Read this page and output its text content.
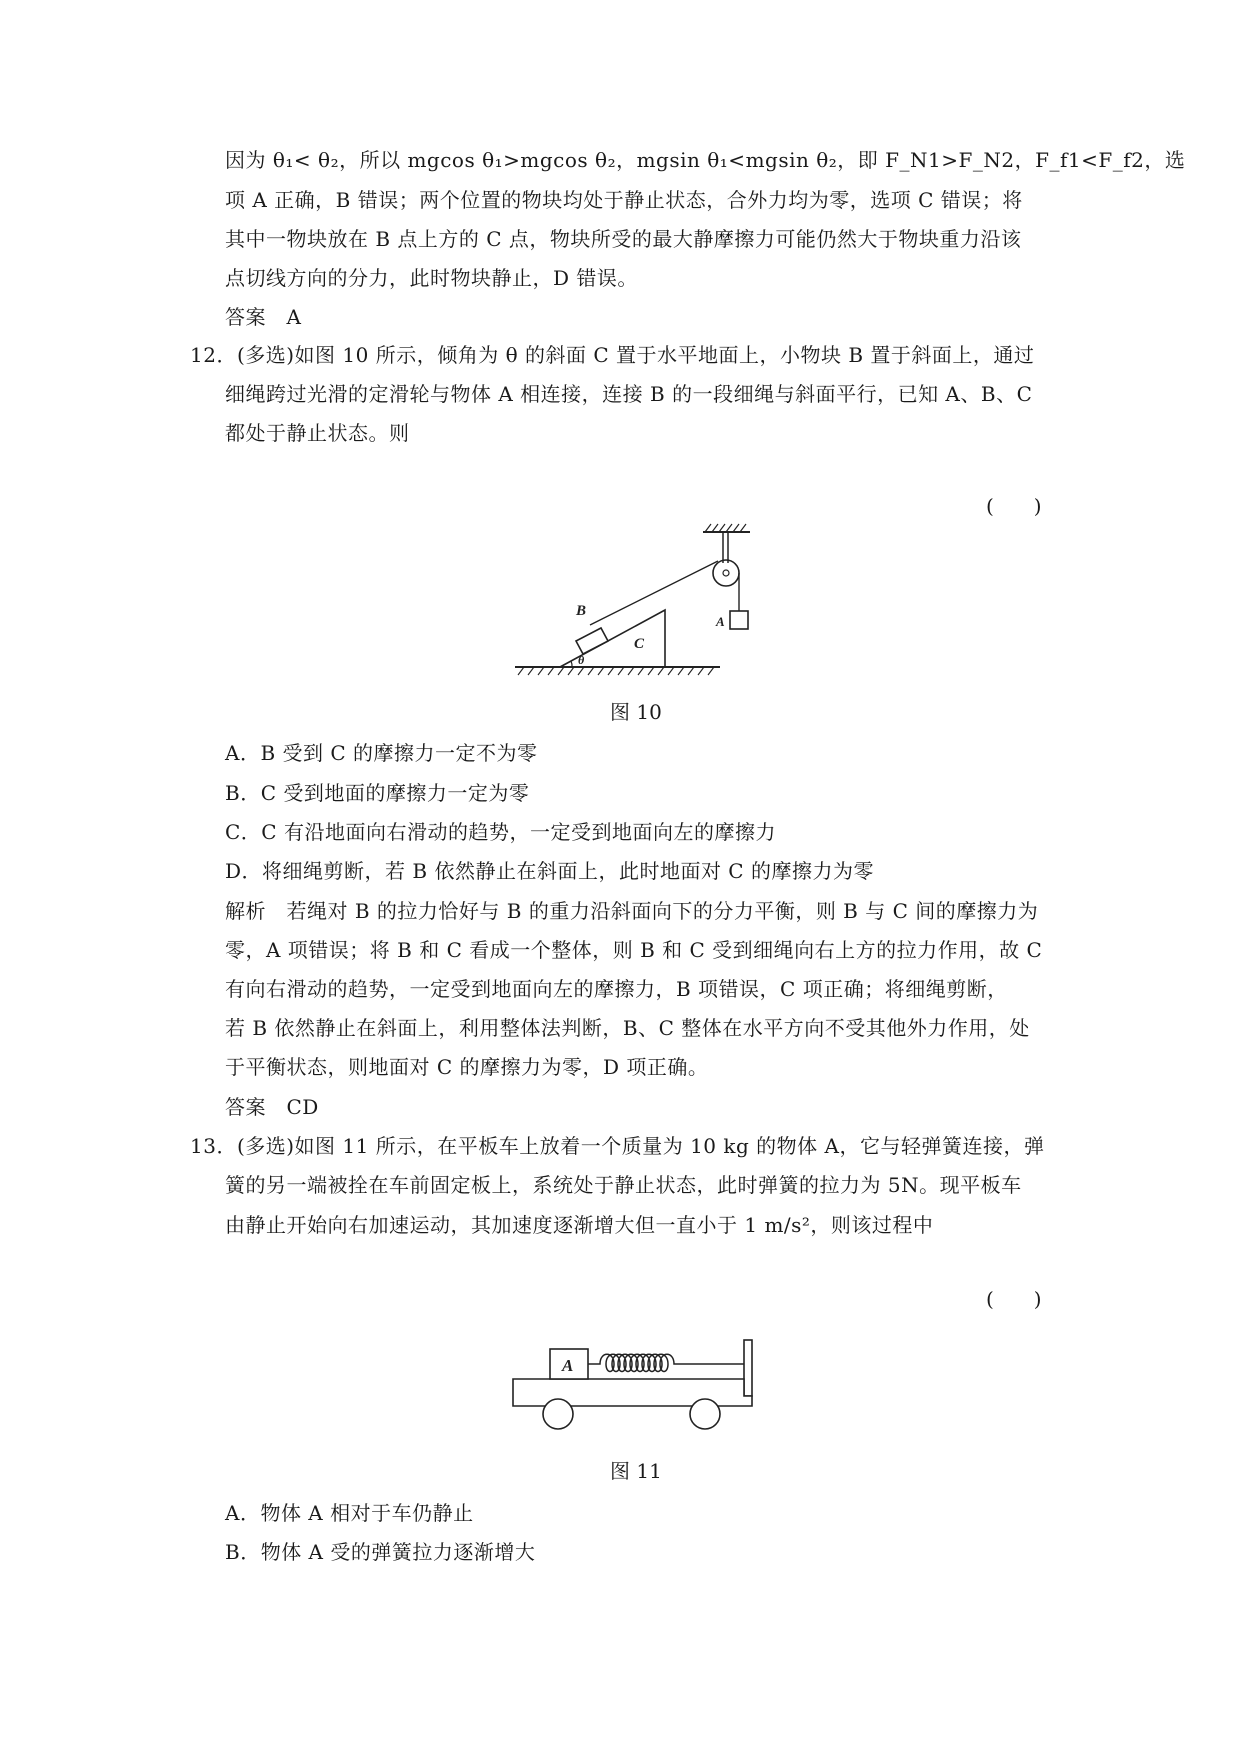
因为 θ₁< θ₂，所以 mgcos θ₁>mgcos θ₂，mgsin θ₁<mgsin θ₂，即 F_N1>F_N2，F_f1<F_f2，选
项 A 正确，B 错误；两个位置的物块均处于静止状态，合外力均为零，选项 C 错误；将
其中一物块放在 B 点上方的 C 点，物块所受的最大静摩擦力可能仍然大于物块重力沿该
点切线方向的分力，此时物块静止，D 错误。
答案　A
12．(多选)如图 10 所示，倾角为 θ 的斜面 C 置于水平地面上，小物块 B 置于斜面上，通过
细绳跨过光滑的定滑轮与物体 A 相连接，连接 B 的一段细绳与斜面平行，已知 A、B、C
都处于静止状态。则
(　　)
B
C
A
θ
图 10
A．B 受到 C 的摩擦力一定不为零
B．C 受到地面的摩擦力一定为零
C．C 有沿地面向右滑动的趋势，一定受到地面向左的摩擦力
D．将细绳剪断，若 B 依然静止在斜面上，此时地面对 C 的摩擦力为零
解析　若绳对 B 的拉力恰好与 B 的重力沿斜面向下的分力平衡，则 B 与 C 间的摩擦力为
零，A 项错误；将 B 和 C 看成一个整体，则 B 和 C 受到细绳向右上方的拉力作用，故 C
有向右滑动的趋势，一定受到地面向左的摩擦力，B 项错误，C 项正确；将细绳剪断，
若 B 依然静止在斜面上，利用整体法判断，B、C 整体在水平方向不受其他外力作用，处
于平衡状态，则地面对 C 的摩擦力为零，D 项正确。
答案　CD
13．(多选)如图 11 所示，在平板车上放着一个质量为 10 kg 的物体 A，它与轻弹簧连接，弹
簧的另一端被拴在车前固定板上，系统处于静止状态，此时弹簧的拉力为 5N。现平板车
由静止开始向右加速运动，其加速度逐渐增大但一直小于 1 m/s²，则该过程中
(　　)
A
图 11
A．物体 A 相对于车仍静止
B．物体 A 受的弹簧拉力逐渐增大
